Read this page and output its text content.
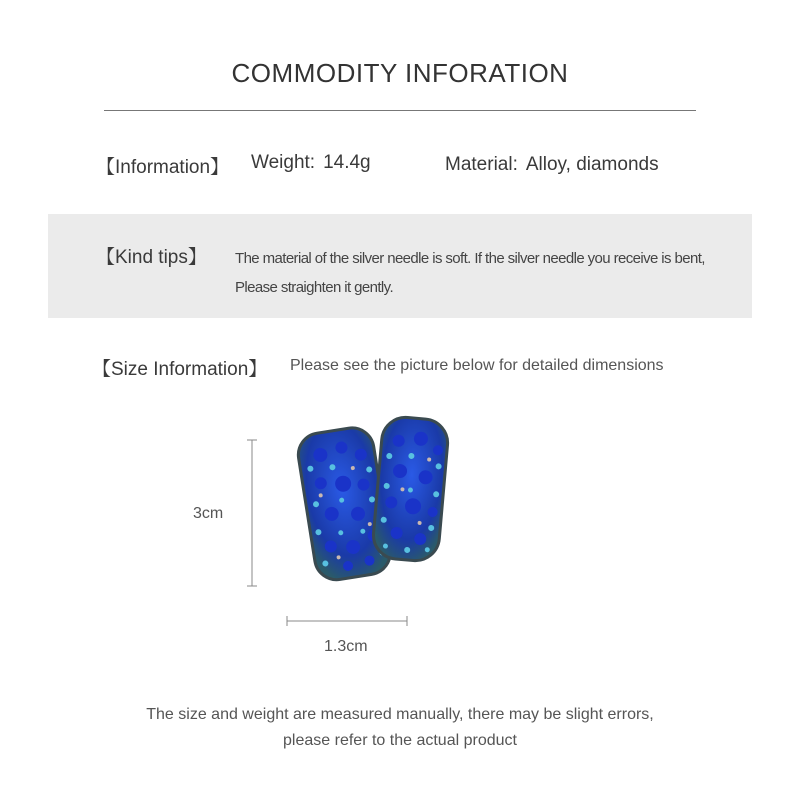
COMMODITY INFORATION
【Information】 Weight: 14.4g	Material: Alloy, diamonds
【Kind tips】 The material of the silver needle is soft. If the silver needle you receive is bent,
Please straighten it gently.
【Size Information】 Please see the picture below for detailed dimensions
3cm
1.3cm
The size and weight are measured manually, there may be slight errors,
please refer to the actual product
